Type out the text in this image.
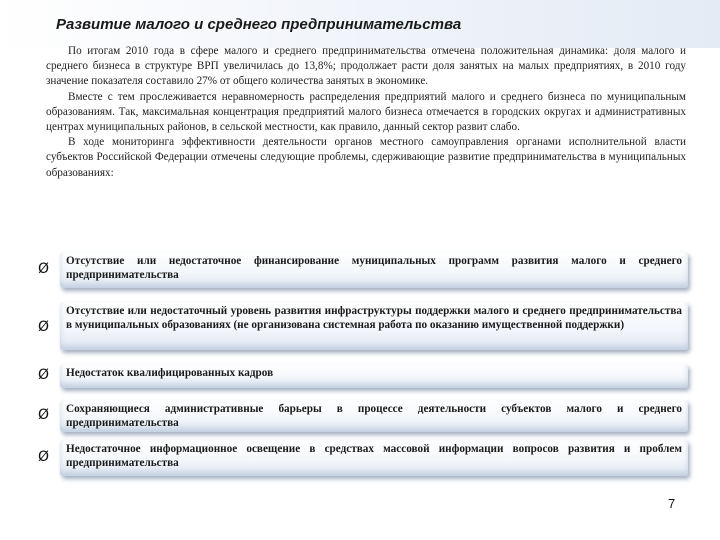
Развитие малого и среднего предпринимательства

По итогам 2010 года в сфере малого и среднего предпринимательства отмечена положительная динамика: доля малого и среднего бизнеса в структуре ВРП увеличилась до 13,8%; продолжает расти доля занятых на малых предприятиях, в 2010 году значение показателя составило 27% от общего количества занятых в экономике.

Вместе с тем прослеживается неравномерность распределения предприятий малого и среднего бизнеса по муниципальным образованиям. Так, максимальная концентрация предприятий малого бизнеса отмечается в городских округах и административных центрах муниципальных районов, в сельской местности, как правило, данный сектор развит слабо.

В ходе мониторинга эффективности деятельности органов местного самоуправления органами исполнительной власти субъектов Российской Федерации отмечены следующие проблемы, сдерживающие развитие предпринимательства в муниципальных образованиях:

Ø Отсутствие или недостаточное финансирование муниципальных программ развития малого и среднего предпринимательства
Ø
Отсутствие или недостаточный уровень развития инфраструктуры поддержки малого и среднего предпринимательства в муниципальных образованиях (не организована системная работа по оказанию имущественной поддержки)
Ø Недостаток квалифицированных кадров
Ø Сохраняющиеся административные барьеры в процессе деятельности субъектов малого и среднего предпринимательства
Ø Недостаточное информационное освещение в средствах массовой информации вопросов развития и проблем предпринимательства
7
